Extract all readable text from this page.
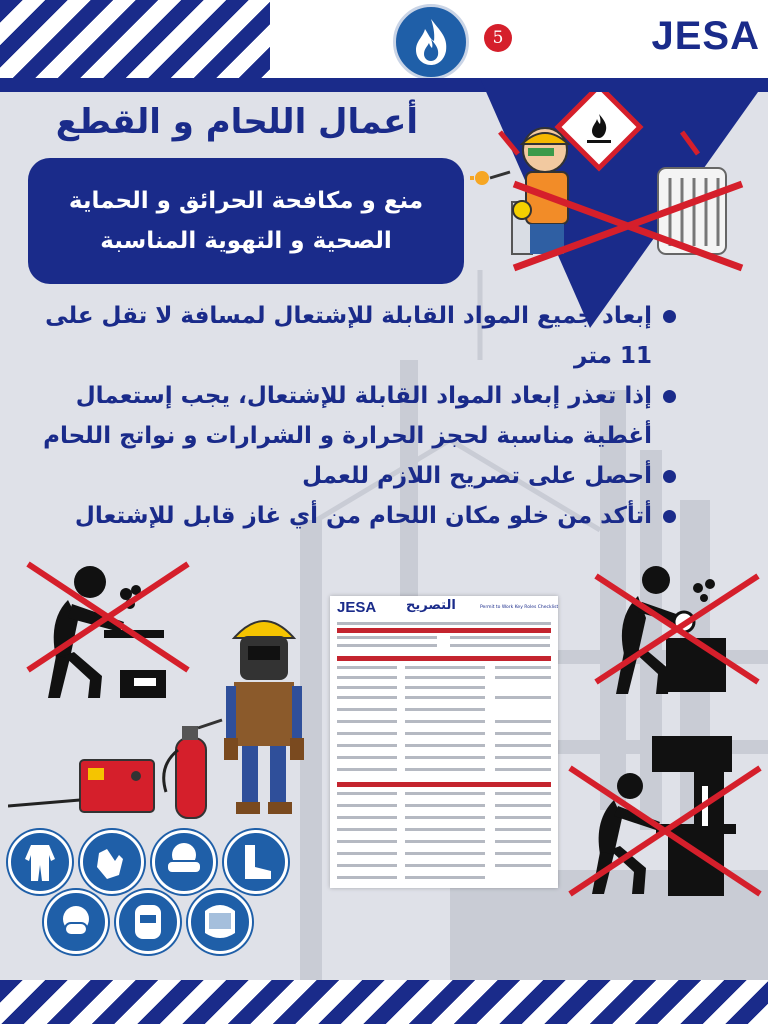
5	JESA
أعمال اللحام و القطع
منع و مكافحة الحرائق و الحماية الصحية و التهوية المناسبة
إبعاد جميع المواد القابلة للإشتعال لمسافة لا تقل على 11 متر
إذا تعذر إبعاد المواد القابلة للإشتعال، يجب إستعمال أغطية مناسبة لحجز الحرارة و الشرارات و نواتج اللحام
أحصل على تصريح اللازم للعمل
أتأكد من خلو مكان اللحام من أي غاز قابل للإشتعال
JESA التصريح	Permit to Work Key Roles Checklist
